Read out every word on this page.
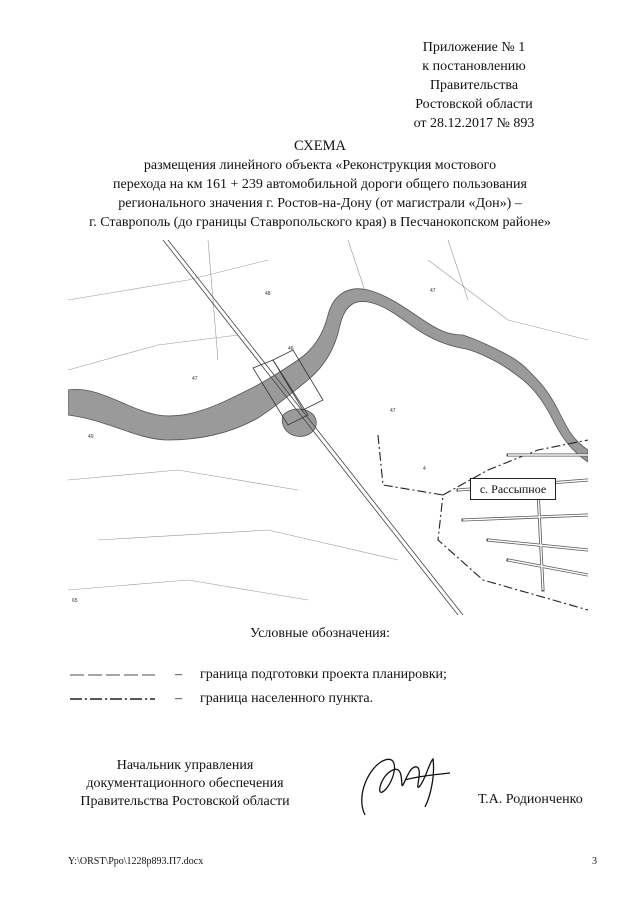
Приложение № 1
к постановлению
Правительства
Ростовской области
от 28.12.2017 № 893
СХЕМА
размещения линейного объекта «Реконструкция мостового
перехода на км 161 + 239 автомобильной дороги общего пользования
регионального значения г. Ростов-на-Дону (от магистрали «Дон») –
г. Ставрополь (до границы Ставропольского края) в Песчанокопском районе»
48	47
46
49
47
65
4
47
с. Рассыпное
Условные обозначения:
– граница подготовки проекта планировки;
– граница населенного пункта.
Начальник управления
документационного обеспечения
Правительства Ростовской области	Т.А. Родионченко
Y:\ORST\Ppo\1228p893.П7.docx	3
